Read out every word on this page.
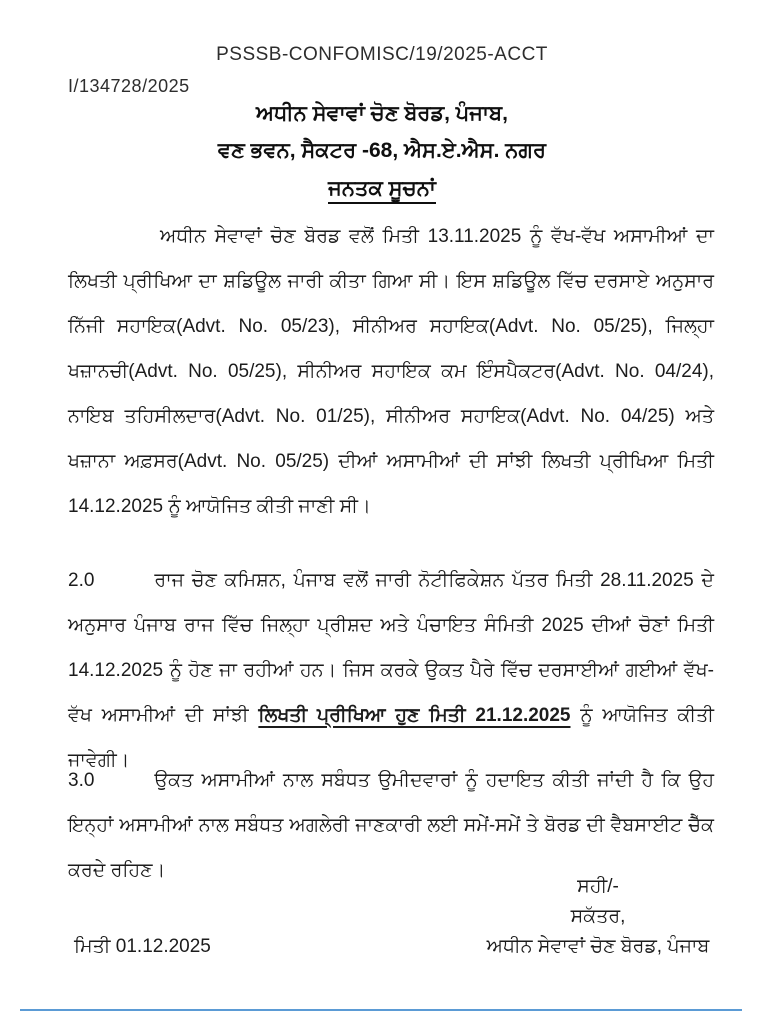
PSSSB-CONFOMISC/19/2025-ACCT
I/134728/2025
ਅਧੀਨ ਸੇਵਾਵਾਂ ਚੋਣ ਬੋਰਡ, ਪੰਜਾਬ,
ਵਣ ਭਵਨ, ਸੈਕਟਰ -68, ਐਸ.ਏ.ਐਸ. ਨਗਰ
ਜਨਤਕ ਸੂਚਨਾਂ
ਅਧੀਨ ਸੇਵਾਵਾਂ ਚੋਣ ਬੋਰਡ ਵਲੋਂ ਮਿਤੀ 13.11.2025 ਨੂੰ ਵੱਖ-ਵੱਖ ਅਸਾਮੀਆਂ ਦਾ ਲਿਖਤੀ ਪ੍ਰੀਖਿਆ ਦਾ ਸ਼ਡਿਊਲ ਜਾਰੀ ਕੀਤਾ ਗਿਆ ਸੀ। ਇਸ ਸ਼ਡਿਊਲ ਵਿੱਚ ਦਰਸਾਏ ਅਨੁਸਾਰ ਨਿੱਜੀ ਸਹਾਇਕ(Advt. No. 05/23), ਸੀਨੀਅਰ ਸਹਾਇਕ(Advt. No. 05/25), ਜਿਲ੍ਹਾ ਖਜ਼ਾਨਚੀ(Advt. No. 05/25), ਸੀਨੀਅਰ ਸਹਾਇਕ ਕਮ ਇੰਸਪੈਕਟਰ(Advt. No. 04/24), ਨਾਇਬ ਤਹਿਸੀਲਦਾਰ(Advt. No. 01/25), ਸੀਨੀਅਰ ਸਹਾਇਕ(Advt. No. 04/25) ਅਤੇ ਖਜ਼ਾਨਾ ਅਫ਼ਸਰ(Advt. No. 05/25) ਦੀਆਂ ਅਸਾਮੀਆਂ ਦੀ ਸਾਂਝੀ ਲਿਖਤੀ ਪ੍ਰੀਖਿਆ ਮਿਤੀ 14.12.2025 ਨੂੰ ਆਯੋਜਿਤ ਕੀਤੀ ਜਾਣੀ ਸੀ।
2.0	ਰਾਜ ਚੋਣ ਕਮਿਸ਼ਨ, ਪੰਜਾਬ ਵਲੋਂ ਜਾਰੀ ਨੋਟੀਫਿਕੇਸ਼ਨ ਪੱਤਰ ਮਿਤੀ 28.11.2025 ਦੇ ਅਨੁਸਾਰ ਪੰਜਾਬ ਰਾਜ ਵਿੱਚ ਜਿਲ੍ਹਾ ਪ੍ਰੀਸ਼ਦ ਅਤੇ ਪੰਚਾਇਤ ਸੰਮਿਤੀ 2025 ਦੀਆਂ ਚੋਣਾਂ ਮਿਤੀ 14.12.2025 ਨੂੰ ਹੋਣ ਜਾ ਰਹੀਆਂ ਹਨ। ਜਿਸ ਕਰਕੇ ਉਕਤ ਪੈਰੇ ਵਿੱਚ ਦਰਸਾਈਆਂ ਗਈਆਂ ਵੱਖ-ਵੱਖ ਅਸਾਮੀਆਂ ਦੀ ਸਾਂਝੀ ਲਿਖਤੀ ਪ੍ਰੀਖਿਆ ਹੁਣ ਮਿਤੀ 21.12.2025 ਨੂੰ ਆਯੋਜਿਤ ਕੀਤੀ ਜਾਵੇਗੀ।
3.0	ਉਕਤ ਅਸਾਮੀਆਂ ਨਾਲ ਸਬੰਧਤ ਉਮੀਦਵਾਰਾਂ ਨੂੰ ਹਦਾਇਤ ਕੀਤੀ ਜਾਂਦੀ ਹੈ ਕਿ ਉਹ ਇਨ੍ਹਾਂ ਅਸਾਮੀਆਂ ਨਾਲ ਸਬੰਧਤ ਅਗਲੇਰੀ ਜਾਣਕਾਰੀ ਲਈ ਸਮੇਂ-ਸਮੇਂ ਤੇ ਬੋਰਡ ਦੀ ਵੈਬਸਾਈਟ ਚੈੱਕ ਕਰਦੇ ਰਹਿਣ।
ਸਹੀ/-
ਸਕੱਤਰ,
ਅਧੀਨ ਸੇਵਾਵਾਂ ਚੋਣ ਬੋਰਡ, ਪੰਜਾਬ
ਮਿਤੀ 01.12.2025
